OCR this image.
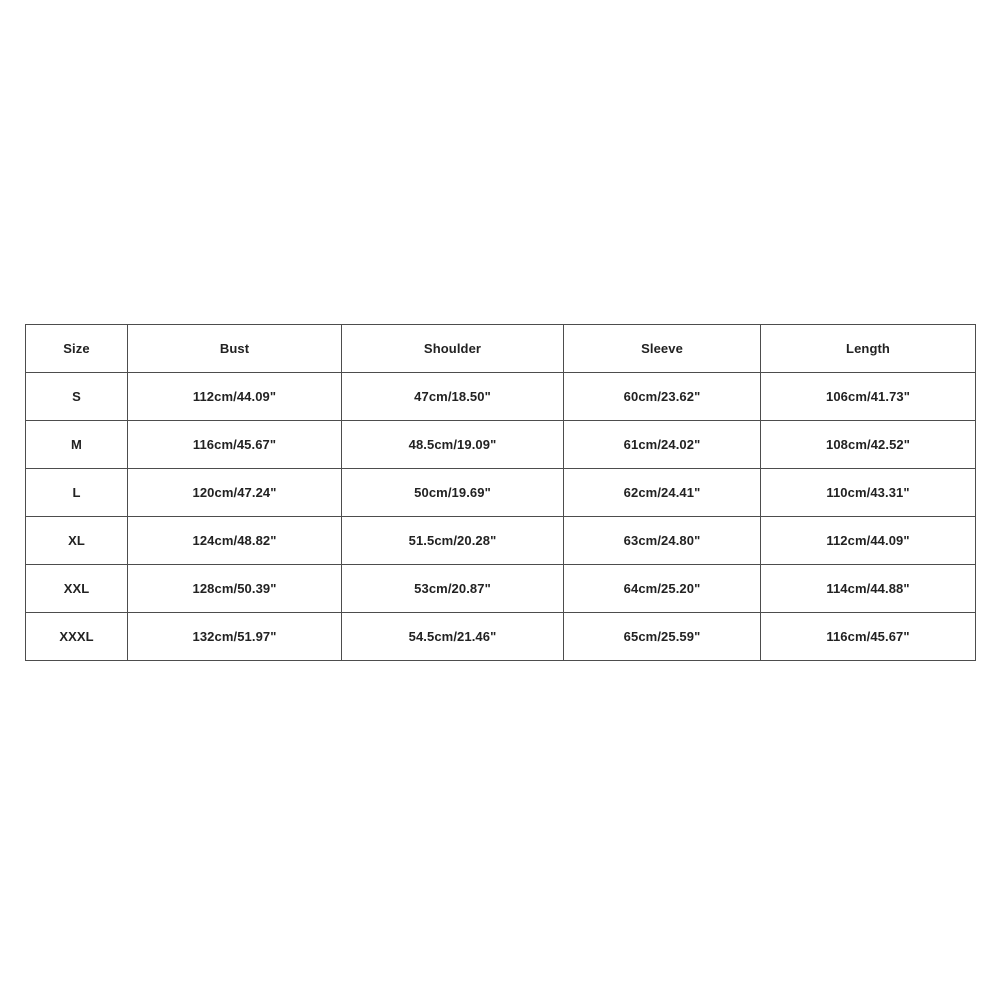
Size	Bust	Shoulder	Sleeve	Length
S	112cm/44.09"	47cm/18.50"	60cm/23.62"	106cm/41.73"
M	116cm/45.67"	48.5cm/19.09"	61cm/24.02"	108cm/42.52"
L	120cm/47.24"	50cm/19.69"	62cm/24.41"	110cm/43.31"
XL	124cm/48.82"	51.5cm/20.28"	63cm/24.80"	112cm/44.09"
XXL	128cm/50.39"	53cm/20.87"	64cm/25.20"	114cm/44.88"
XXXL	132cm/51.97"	54.5cm/21.46"	65cm/25.59"	116cm/45.67"
